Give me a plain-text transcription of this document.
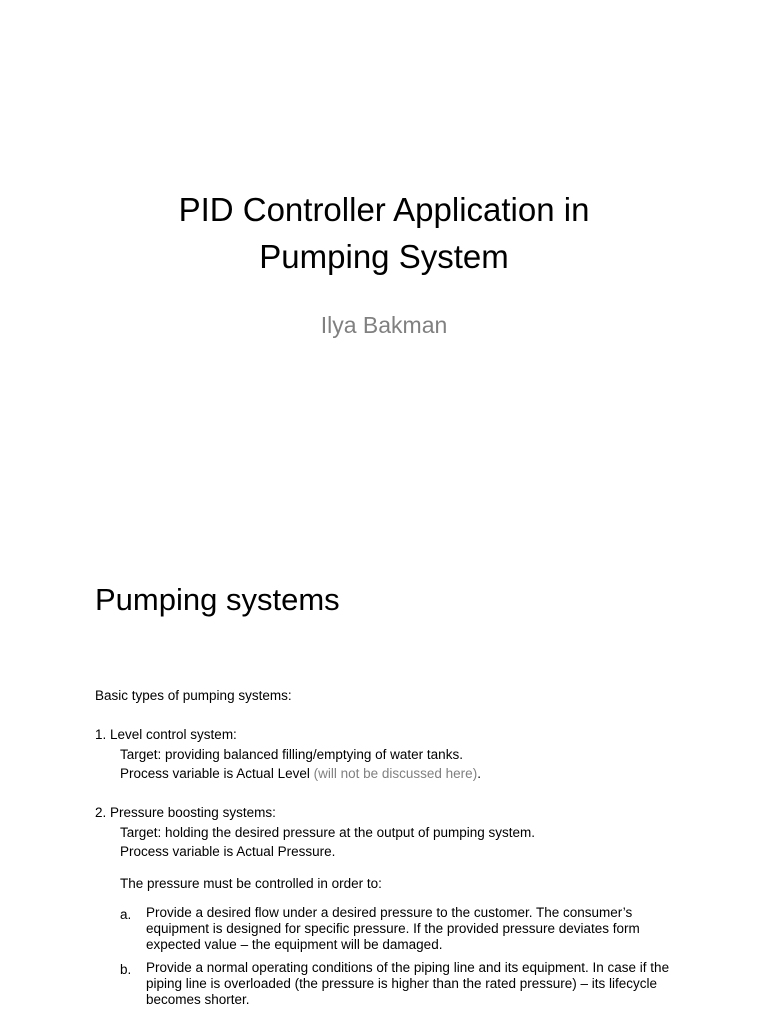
PID Controller Application in
Pumping System
Ilya Bakman
Pumping systems
Basic types of pumping systems:
1. Level control system:
Target: providing balanced filling/emptying of water tanks.
Process variable is Actual Level (will not be discussed here).
2. Pressure boosting systems:
Target: holding the desired pressure at the output of pumping system.
Process variable is Actual Pressure.
The pressure must be controlled in order to:
a.	Provide a desired flow under a desired pressure to the customer. The consumer’s equipment is designed for specific pressure. If the provided pressure deviates form expected value – the equipment will be damaged.
b.	Provide a normal operating conditions of the piping line and its equipment. In case if the piping line is overloaded (the pressure is higher than the rated pressure) – its lifecycle becomes shorter.
